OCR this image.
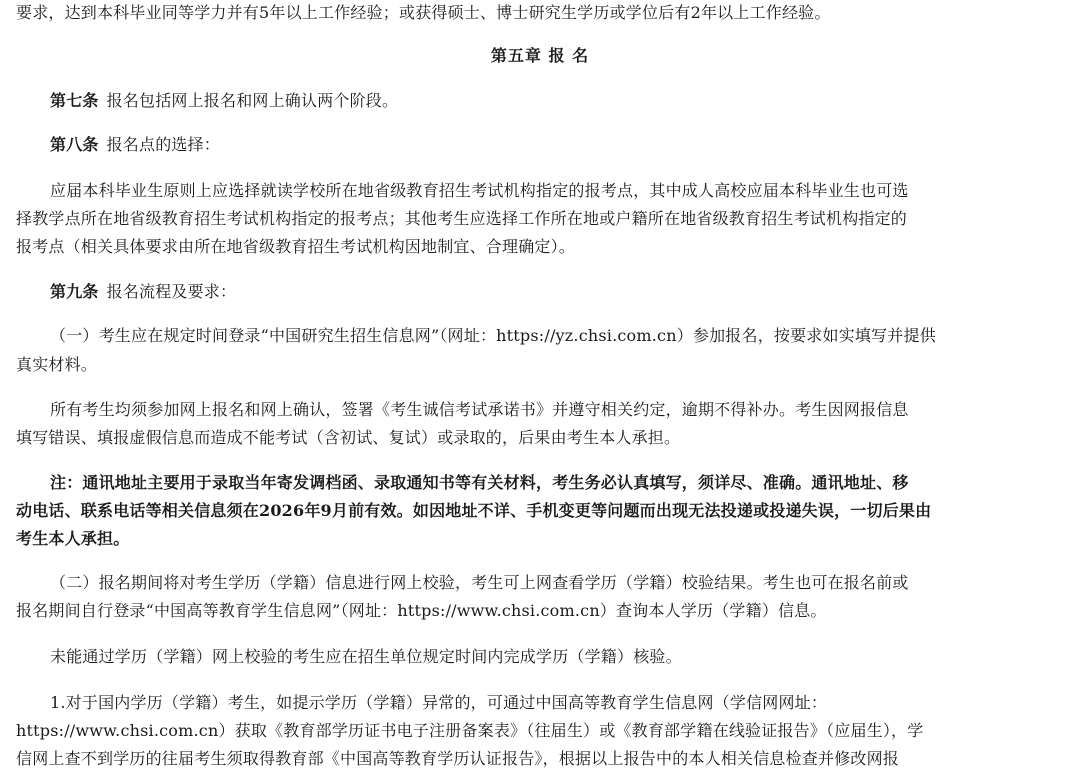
要求，达到本科毕业同等学力并有5年以上工作经验；或获得硕士、博士研究生学历或学位后有2年以上工作经验。
第五章 报 名
第七条 报名包括网上报名和网上确认两个阶段。
第八条 报名点的选择：
应届本科毕业生原则上应选择就读学校所在地省级教育招生考试机构指定的报考点，其中成人高校应届本科毕业生也可选
择教学点所在地省级教育招生考试机构指定的报考点；其他考生应选择工作所在地或户籍所在地省级教育招生考试机构指定的
报考点（相关具体要求由所在地省级教育招生考试机构因地制宜、合理确定）。
第九条 报名流程及要求：
（一）考生应在规定时间登录“中国研究生招生信息网”（网址：https://yz.chsi.com.cn）参加报名，按要求如实填写并提供
真实材料。
所有考生均须参加网上报名和网上确认，签署《考生诚信考试承诺书》并遵守相关约定，逾期不得补办。考生因网报信息
填写错误、填报虚假信息而造成不能考试（含初试、复试）或录取的，后果由考生本人承担。
注：通讯地址主要用于录取当年寄发调档函、录取通知书等有关材料，考生务必认真填写，须详尽、准确。通讯地址、移
动电话、联系电话等相关信息须在2026年9月前有效。如因地址不详、手机变更等问题而出现无法投递或投递失误，一切后果由
考生本人承担。
（二）报名期间将对考生学历（学籍）信息进行网上校验，考生可上网查看学历（学籍）校验结果。考生也可在报名前或
报名期间自行登录“中国高等教育学生信息网”（网址：https://www.chsi.com.cn）查询本人学历（学籍）信息。
未能通过学历（学籍）网上校验的考生应在招生单位规定时间内完成学历（学籍）核验。
1.对于国内学历（学籍）考生，如提示学历（学籍）异常的，可通过中国高等教育学生信息网（学信网网址：
https://www.chsi.com.cn）获取《教育部学历证书电子注册备案表》（往届生）或《教育部学籍在线验证报告》（应届生），学
信网上查不到学历的往届考生须取得教育部《中国高等教育学历认证报告》，根据以上报告中的本人相关信息检查并修改网报
